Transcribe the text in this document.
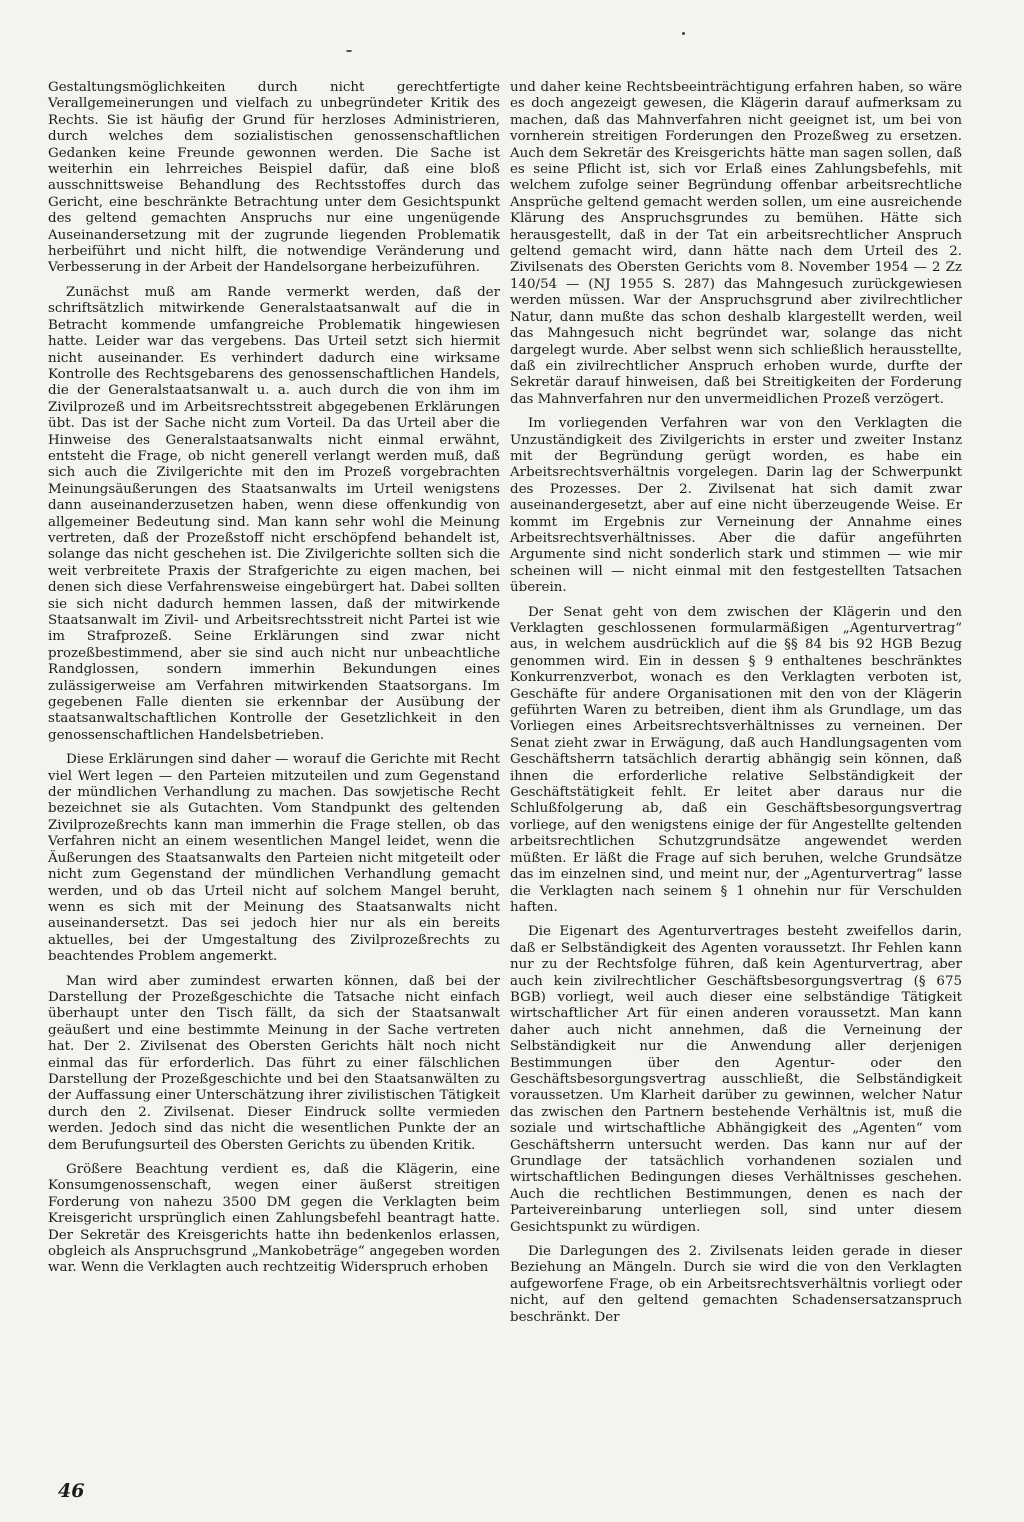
Gestaltungsmöglichkeiten durch nicht gerechtfertigte Verallgemeinerungen und vielfach zu unbegründeter Kritik des Rechts. Sie ist häufig der Grund für herzloses Administrieren, durch welches dem sozialistischen genossenschaftlichen Gedanken keine Freunde gewonnen werden. Die Sache ist weiterhin ein lehrreiches Beispiel dafür, daß eine bloß ausschnittsweise Behandlung des Rechtsstoffes durch das Gericht, eine beschränkte Betrachtung unter dem Gesichtspunkt des geltend gemachten Anspruchs nur eine ungenügende Auseinandersetzung mit der zugrunde liegenden Problematik herbeiführt und nicht hilft, die notwendige Veränderung und Verbesserung in der Arbeit der Handelsorgane herbeizuführen.

Zunächst muß am Rande vermerkt werden, daß der schriftsätzlich mitwirkende Generalstaatsanwalt auf die in Betracht kommende umfangreiche Problematik hingewiesen hatte. Leider war das vergebens. Das Urteil setzt sich hiermit nicht auseinander. Es verhindert dadurch eine wirksame Kontrolle des Rechtsgebarens des genossenschaftlichen Handels, die der Generalstaatsanwalt u. a. auch durch die von ihm im Zivilprozeß und im Arbeitsrechtsstreit abgegebenen Erklärungen übt. Das ist der Sache nicht zum Vorteil. Da das Urteil aber die Hinweise des Generalstaatsanwalts nicht einmal erwähnt, entsteht die Frage, ob nicht generell verlangt werden muß, daß sich auch die Zivilgerichte mit den im Prozeß vorgebrachten Meinungsäußerungen des Staatsanwalts im Urteil wenigstens dann auseinanderzusetzen haben, wenn diese offenkundig von allgemeiner Bedeutung sind. Man kann sehr wohl die Meinung vertreten, daß der Prozeßstoff nicht erschöpfend behandelt ist, solange das nicht geschehen ist. Die Zivilgerichte sollten sich die weit verbreitete Praxis der Strafgerichte zu eigen machen, bei denen sich diese Verfahrensweise eingebürgert hat. Dabei sollten sie sich nicht dadurch hemmen lassen, daß der mitwirkende Staatsanwalt im Zivil- und Arbeitsrechtsstreit nicht Partei ist wie im Strafprozeß. Seine Erklärungen sind zwar nicht prozeßbestimmend, aber sie sind auch nicht nur unbeachtliche Randglossen, sondern immerhin Bekundungen eines zulässigerweise am Verfahren mitwirkenden Staatsorgans. Im gegebenen Falle dienten sie erkennbar der Ausübung der staatsanwaltschaftlichen Kontrolle der Gesetzlichkeit in den genossenschaftlichen Handelsbetrieben.

Diese Erklärungen sind daher — worauf die Gerichte mit Recht viel Wert legen — den Parteien mitzuteilen und zum Gegenstand der mündlichen Verhandlung zu machen. Das sowjetische Recht bezeichnet sie als Gutachten. Vom Standpunkt des geltenden Zivilprozeßrechts kann man immerhin die Frage stellen, ob das Verfahren nicht an einem wesentlichen Mangel leidet, wenn die Äußerungen des Staatsanwalts den Parteien nicht mitgeteilt oder nicht zum Gegenstand der mündlichen Verhandlung gemacht werden, und ob das Urteil nicht auf solchem Mangel beruht, wenn es sich mit der Meinung des Staatsanwalts nicht auseinandersetzt. Das sei jedoch hier nur als ein bereits aktuelles, bei der Umgestaltung des Zivilprozeßrechts zu beachtendes Problem angemerkt.

Man wird aber zumindest erwarten können, daß bei der Darstellung der Prozeßgeschichte die Tatsache nicht einfach überhaupt unter den Tisch fällt, da sich der Staatsanwalt geäußert und eine bestimmte Meinung in der Sache vertreten hat. Der 2. Zivilsenat des Obersten Gerichts hält noch nicht einmal das für erforderlich. Das führt zu einer fälschlichen Darstellung der Prozeßgeschichte und bei den Staatsanwälten zu der Auffassung einer Unterschätzung ihrer zivilistischen Tätigkeit durch den 2. Zivilsenat. Dieser Eindruck sollte vermieden werden. Jedoch sind das nicht die wesentlichen Punkte der an dem Berufungsurteil des Obersten Gerichts zu übenden Kritik.

Größere Beachtung verdient es, daß die Klägerin, eine Konsumgenossenschaft, wegen einer äußerst streitigen Forderung von nahezu 3500 DM gegen die Verklagten beim Kreisgericht ursprünglich einen Zahlungsbefehl beantragt hatte. Der Sekretär des Kreisgerichts hatte ihn bedenkenlos erlassen, obgleich als Anspruchsgrund „Mankobeträge“ angegeben worden war. Wenn die Verklagten auch rechtzeitig Widerspruch erhoben

und daher keine Rechtsbeeinträchtigung erfahren haben, so wäre es doch angezeigt gewesen, die Klägerin darauf aufmerksam zu machen, daß das Mahnverfahren nicht geeignet ist, um bei von vornherein streitigen Forderungen den Prozeßweg zu ersetzen. Auch dem Sekretär des Kreisgerichts hätte man sagen sollen, daß es seine Pflicht ist, sich vor Erlaß eines Zahlungsbefehls, mit welchem zufolge seiner Begründung offenbar arbeitsrechtliche Ansprüche geltend gemacht werden sollen, um eine ausreichende Klärung des Anspruchsgrundes zu bemühen. Hätte sich herausgestellt, daß in der Tat ein arbeitsrechtlicher Anspruch geltend gemacht wird, dann hätte nach dem Urteil des 2. Zivilsenats des Obersten Gerichts vom 8. November 1954 — 2 Zz 140/54 — (NJ 1955 S. 287) das Mahngesuch zurückgewiesen werden müssen. War der Anspruchsgrund aber zivilrechtlicher Natur, dann mußte das schon deshalb klargestellt werden, weil das Mahngesuch nicht begründet war, solange das nicht dargelegt wurde. Aber selbst wenn sich schließlich herausstellte, daß ein zivilrechtlicher Anspruch erhoben wurde, durfte der Sekretär darauf hinweisen, daß bei Streitigkeiten der Forderung das Mahnverfahren nur den unvermeidlichen Prozeß verzögert.

Im vorliegenden Verfahren war von den Verklagten die Unzuständigkeit des Zivilgerichts in erster und zweiter Instanz mit der Begründung gerügt worden, es habe ein Arbeitsrechtsverhältnis vorgelegen. Darin lag der Schwerpunkt des Prozesses. Der 2. Zivilsenat hat sich damit zwar auseinandergesetzt, aber auf eine nicht überzeugende Weise. Er kommt im Ergebnis zur Verneinung der Annahme eines Arbeitsrechtsverhältnisses. Aber die dafür angeführten Argumente sind nicht sonderlich stark und stimmen — wie mir scheinen will — nicht einmal mit den festgestellten Tatsachen überein.

Der Senat geht von dem zwischen der Klägerin und den Verklagten geschlossenen formularmäßigen „Agenturvertrag“ aus, in welchem ausdrücklich auf die §§ 84 bis 92 HGB Bezug genommen wird. Ein in dessen § 9 enthaltenes beschränktes Konkurrenzverbot, wonach es den Verklagten verboten ist, Geschäfte für andere Organisationen mit den von der Klägerin geführten Waren zu betreiben, dient ihm als Grundlage, um das Vorliegen eines Arbeitsrechtsverhältnisses zu verneinen. Der Senat zieht zwar in Erwägung, daß auch Handlungsagenten vom Geschäftsherrn tatsächlich derartig abhängig sein können, daß ihnen die erforderliche relative Selbständigkeit der Geschäftstätigkeit fehlt. Er leitet aber daraus nur die Schlußfolgerung ab, daß ein Geschäftsbesorgungsvertrag vorliege, auf den wenigstens einige der für Angestellte geltenden arbeitsrechtlichen Schutzgrundsätze angewendet werden müßten. Er läßt die Frage auf sich beruhen, welche Grundsätze das im einzelnen sind, und meint nur, der „Agenturvertrag“ lasse die Verklagten nach seinem § 1 ohnehin nur für Verschulden haften.

Die Eigenart des Agenturvertrages besteht zweifellos darin, daß er Selbständigkeit des Agenten voraussetzt. Ihr Fehlen kann nur zu der Rechtsfolge führen, daß kein Agenturvertrag, aber auch kein zivilrechtlicher Geschäftsbesorgungsvertrag (§ 675 BGB) vorliegt, weil auch dieser eine selbständige Tätigkeit wirtschaftlicher Art für einen anderen voraussetzt. Man kann daher auch nicht annehmen, daß die Verneinung der Selbständigkeit nur die Anwendung aller derjenigen Bestimmungen über den Agentur- oder den Geschäftsbesorgungsvertrag ausschließt, die Selbständigkeit voraussetzen. Um Klarheit darüber zu gewinnen, welcher Natur das zwischen den Partnern bestehende Verhältnis ist, muß die soziale und wirtschaftliche Abhängigkeit des „Agenten“ vom Geschäftsherrn untersucht werden. Das kann nur auf der Grundlage der tatsächlich vorhandenen sozialen und wirtschaftlichen Bedingungen dieses Verhältnisses geschehen. Auch die rechtlichen Bestimmungen, denen es nach der Parteivereinbarung unterliegen soll, sind unter diesem Gesichtspunkt zu würdigen.

Die Darlegungen des 2. Zivilsenats leiden gerade in dieser Beziehung an Mängeln. Durch sie wird die von den Verklagten aufgeworfene Frage, ob ein Arbeitsrechtsverhältnis vorliegt oder nicht, auf den geltend gemachten Schadensersatzanspruch beschränkt. Der

46
